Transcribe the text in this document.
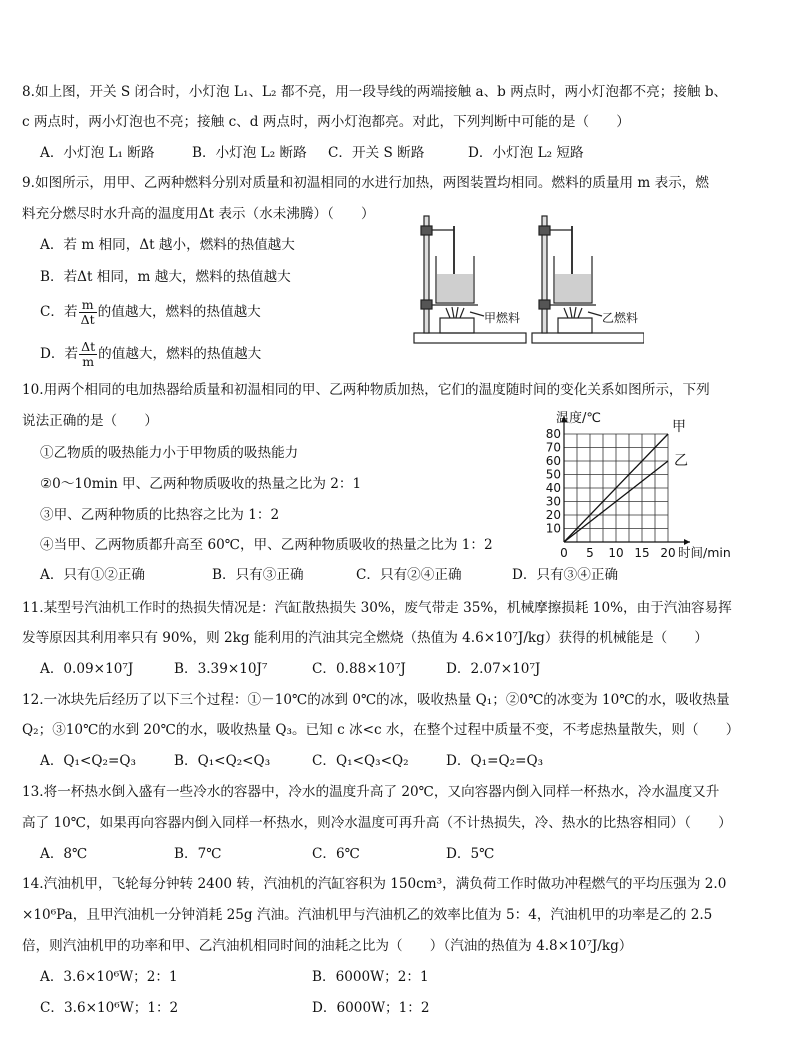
8.如上图，开关 S 闭合时，小灯泡 L₁、L₂ 都不亮，用一段导线的两端接触 a、b 两点时，两小灯泡都不亮；接触 b、
c 两点时，两小灯泡也不亮；接触 c、d 两点时，两小灯泡都亮。对此，下列判断中可能的是（　　）
A．小灯泡 L₁ 断路	B．小灯泡 L₂ 断路 C．开关 S 断路	D．小灯泡 L₂ 短路
9.如图所示，用甲、乙两种燃料分别对质量和初温相同的水进行加热，两图装置均相同。燃料的质量用 m 表示，燃
料充分燃尽时水升高的温度用Δt 表示（水未沸腾）（　　）
A．若 m 相同，Δt 越小，燃料的热值越大
B．若Δt 相同，m 越大，燃料的热值越大
C．若 $\frac{m}{\Delta t}$ 的值越大，燃料的热值越大
D．若 $\frac{\Delta t}{m}$ 的值越大，燃料的热值越大
甲燃料	乙燃料
10.用两个相同的电加热器给质量和初温相同的甲、乙两种物质加热，它们的温度随时间的变化关系如图所示，下列
说法正确的是（　　）
①乙物质的吸热能力小于甲物质的吸热能力
②0～10min 甲、乙两种物质吸收的热量之比为 2：1
③甲、乙两种物质的比热容之比为 1：2
④当甲、乙两物质都升高至 60℃，甲、乙两种物质吸收的热量之比为 1：2
A．只有①②正确	B．只有③正确	C．只有②④正确	D．只有③④正确
0 5 10 15 20
10
20
30
40
50
60
70
80
温度/℃
时间/min
甲
乙
11.某型号汽油机工作时的热损失情况是：汽缸散热损失 30%，废气带走 35%，机械摩擦损耗 10%，由于汽油容易挥
发等原因其利用率只有 90%，则 2kg 能利用的汽油其完全燃烧（热值为 4.6×10⁷J/kg）获得的机械能是（　　）
A．0.09×10⁷J	B．3.39×10J⁷	C．0.88×10⁷J	D．2.07×10⁷J
12.一冰块先后经历了以下三个过程：①－10℃的冰到 0℃的冰，吸收热量 Q₁；②0℃的冰变为 10℃的水，吸收热量
Q₂；③10℃的水到 20℃的水，吸收热量 Q₃。已知 c 冰<c 水，在整个过程中质量不变，不考虑热量散失，则（　　）
A．Q₁<Q₂=Q₃	B．Q₁<Q₂<Q₃	C．Q₁<Q₃<Q₂	D．Q₁=Q₂=Q₃
13.将一杯热水倒入盛有一些冷水的容器中，冷水的温度升高了 20℃，又向容器内倒入同样一杯热水，冷水温度又升
高了 10℃，如果再向容器内倒入同样一杯热水，则冷水温度可再升高（不计热损失，冷、热水的比热容相同）（　　）
A．8℃	B．7℃	C．6℃	D．5℃
14.汽油机甲，飞轮每分钟转 2400 转，汽油机的汽缸容积为 150cm³，满负荷工作时做功冲程燃气的平均压强为 2.0
×10⁶Pa，且甲汽油机一分钟消耗 25g 汽油。汽油机甲与汽油机乙的效率比值为 5：4，汽油机甲的功率是乙的 2.5
倍，则汽油机甲的功率和甲、乙汽油机相同时间的油耗之比为（　　）（汽油的热值为 4.8×10⁷J/kg）
A．3.6×10⁶W；2：1	B．6000W；2：1
C．3.6×10⁶W；1：2	D．6000W；1：2
